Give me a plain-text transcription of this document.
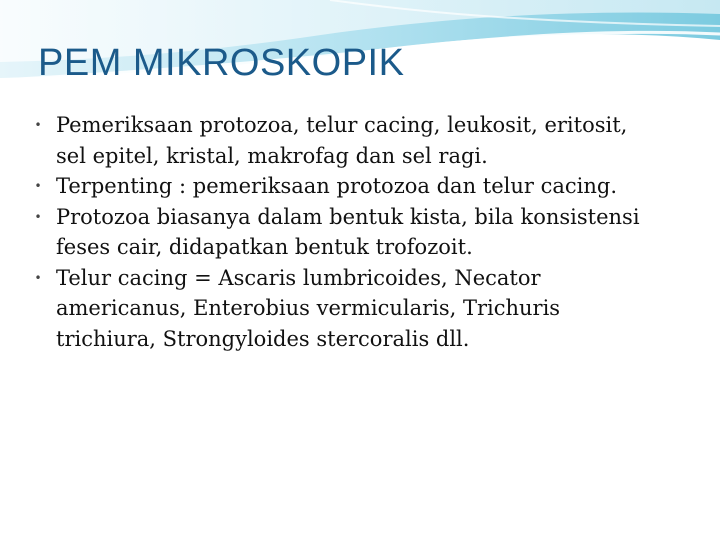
PEM MIKROSKOPIK
• Pemeriksaan protozoa, telur cacing, leukosit, eritosit, sel epitel, kristal, makrofag dan sel ragi.
• Terpenting : pemeriksaan protozoa dan telur cacing.
• Protozoa biasanya dalam bentuk kista, bila konsistensi feses cair, didapatkan bentuk trofozoit.
• Telur cacing = Ascaris lumbricoides, Necator americanus, Enterobius vermicularis, Trichuris trichiura, Strongyloides stercoralis dll.
